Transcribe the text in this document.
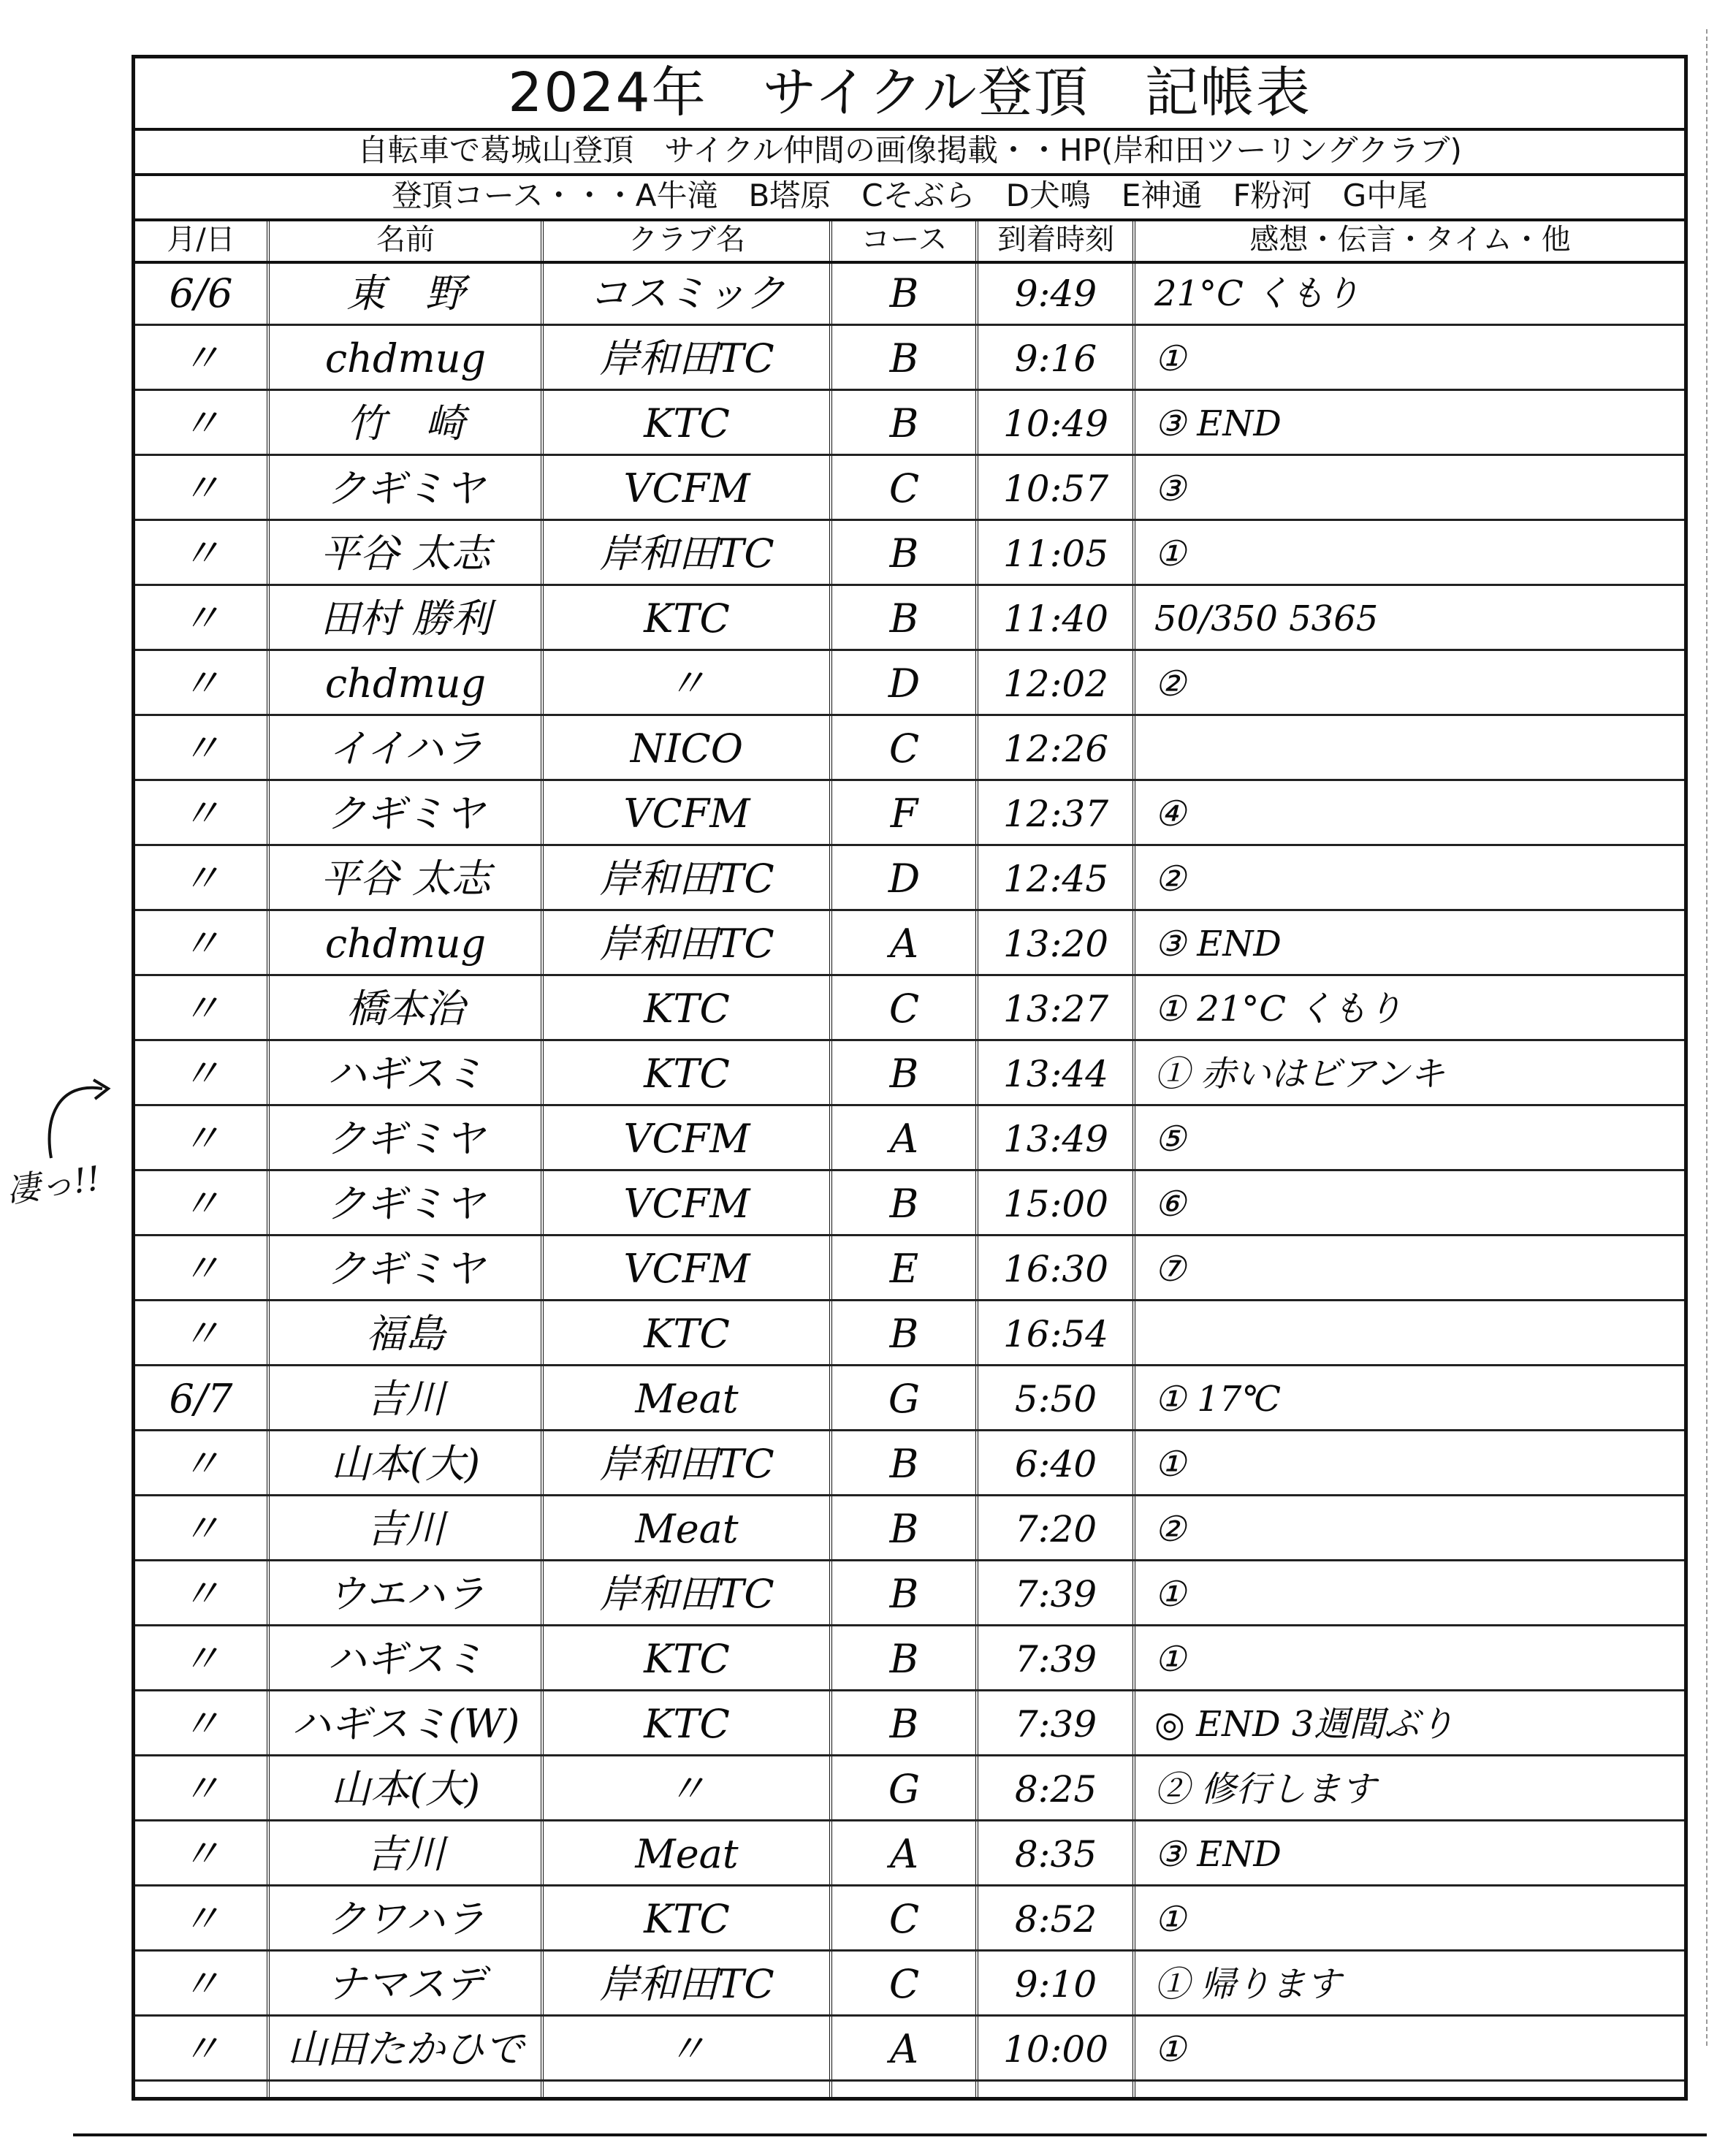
2024年　サイクル登頂　記帳表
自転車で葛城山登頂　サイクル仲間の画像掲載・・HP(岸和田ツーリングクラブ)
登頂コース・・・A牛滝　B塔原　Cそぶら　D犬鳴　E神通　F粉河　G中尾
月/日	名前	クラブ名	コース	到着時刻	感想・伝言・タイム・他
6/6	東　野	コスミック	B	9:49	21°C くもり
〃	chdmug	岸和田TC	B	9:16	①
〃	竹　崎	KTC	B	10:49	③ END
〃	クギミヤ	VCFM	C	10:57	③
〃	平谷 太志	岸和田TC	B	11:05	①
〃	田村 勝利	KTC	B	11:40	50/350 5365
〃	chdmug	〃	D	12:02	②
〃	イイハラ	NICO	C	12:26
〃	クギミヤ	VCFM	F	12:37	④
〃	平谷 太志	岸和田TC	D	12:45	②
〃	chdmug	岸和田TC	A	13:20	③ END
〃	橋本治	KTC	C	13:27	① 21°C くもり
〃	ハギスミ	KTC	B	13:44	① 赤いはビアンキ
〃	クギミヤ	VCFM	A	13:49	⑤
〃	クギミヤ	VCFM	B	15:00	⑥
〃	クギミヤ	VCFM	E	16:30	⑦
〃	福島	KTC	B	16:54
6/7	吉川	Meat	G	5:50	① 17℃
〃	山本(大)	岸和田TC	B	6:40	①
〃	吉川	Meat	B	7:20	②
〃	ウエハラ	岸和田TC	B	7:39	①
〃	ハギスミ	KTC	B	7:39	①
〃	ハギスミ(W)	KTC	B	7:39	◎ END 3週間ぶり
〃	山本(大)	〃	G	8:25	② 修行します
〃	吉川	Meat	A	8:35	③ END
〃	クワハラ	KTC	C	8:52	①
〃	ナマスデ	岸和田TC	C	9:10	① 帰ります
〃	山田たかひで	〃	A	10:00	①
凄っ!!
